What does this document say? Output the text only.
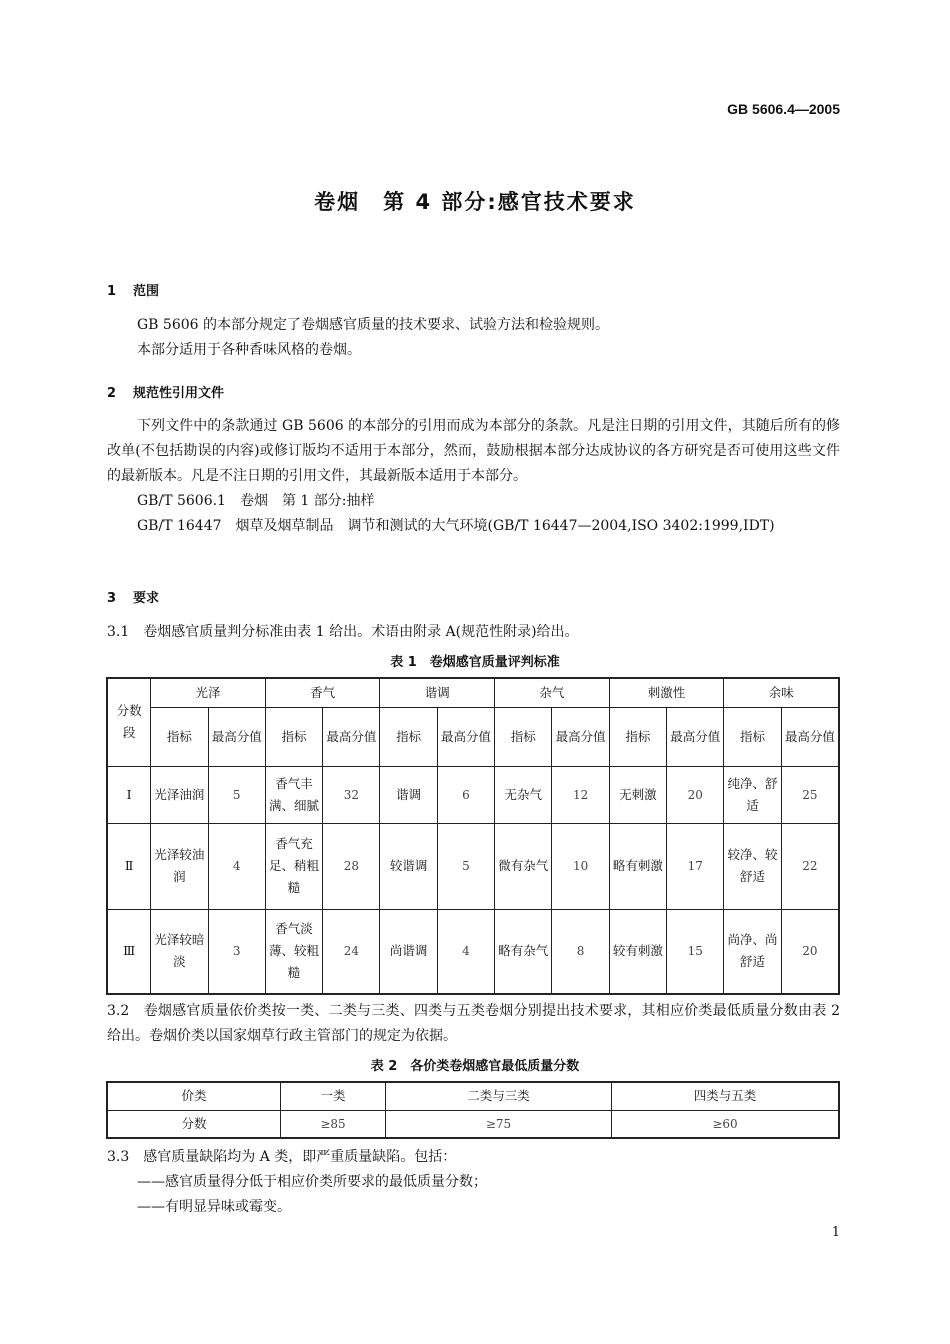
GB 5606.4—2005
卷烟　第 4 部分:感官技术要求
1 范围
GB 5606 的本部分规定了卷烟感官质量的技术要求、试验方法和检验规则。
本部分适用于各种香味风格的卷烟。
2 规范性引用文件
下列文件中的条款通过 GB 5606 的本部分的引用而成为本部分的条款。凡是注日期的引用文件，其随后所有的修改单(不包括勘误的内容)或修订版均不适用于本部分，然而，鼓励根据本部分达成协议的各方研究是否可使用这些文件的最新版本。凡是不注日期的引用文件，其最新版本适用于本部分。
GB/T 5606.1　卷烟　第 1 部分:抽样
GB/T 16447　烟草及烟草制品　调节和测试的大气环境(GB/T 16447—2004,ISO 3402:1999,IDT)
3 要求
3.1　卷烟感官质量判分标准由表 1 给出。术语由附录 A(规范性附录)给出。
表 1　卷烟感官质量评判标准
分数段	光泽		香气		谐调		杂气		刺激性		余味	
	指标	最高分值	指标	最高分值	指标	最高分值	指标	最高分值	指标	最高分值	指标	最高分值
Ⅰ	光泽油润	5	香气丰满、细腻	32	谐调	6	无杂气	12	无刺激	20	纯净、舒适	25
Ⅱ	光泽较油润	4	香气充足、稍粗糙	28	较谐调	5	微有杂气	10	略有刺激	17	较净、较舒适	22
Ⅲ	光泽较暗淡	3	香气淡薄、较粗糙	24	尚谐调	4	略有杂气	8	较有刺激	15	尚净、尚舒适	20
3.2　卷烟感官质量依价类按一类、二类与三类、四类与五类卷烟分别提出技术要求，其相应价类最低质量分数由表 2 给出。卷烟价类以国家烟草行政主管部门的规定为依据。
表 2　各价类卷烟感官最低质量分数
价类	一类	二类与三类	四类与五类
分数	≥85	≥75	≥60
3.3　感官质量缺陷均为 A 类，即严重质量缺陷。包括：
——感官质量得分低于相应价类所要求的最低质量分数；
——有明显异味或霉变。
1
